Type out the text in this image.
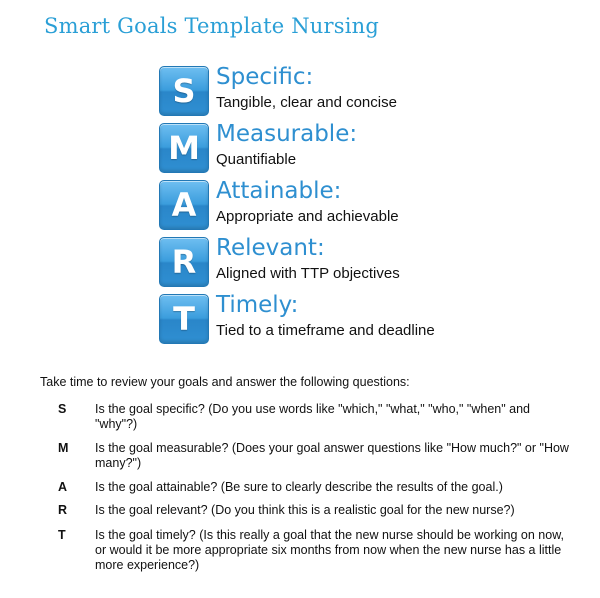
Smart Goals Template Nursing
S Specific:
Tangible, clear and concise
M Measurable:
Quantifiable
A Attainable:
Appropriate and achievable
R Relevant:
Aligned with TTP objectives
T Timely:
Tied to a timeframe and deadline
Take time to review your goals and answer the following questions:
S Is the goal specific? (Do you use words like "which," "what," "who," "when" and "why"?)
M Is the goal measurable? (Does your goal answer questions like "How much?" or "How many?")
A Is the goal attainable? (Be sure to clearly describe the results of the goal.)
R Is the goal relevant? (Do you think this is a realistic goal for the new nurse?)
T Is the goal timely? (Is this really a goal that the new nurse should be working on now, or would it be more appropriate six months from now when the new nurse has a little more experience?)
